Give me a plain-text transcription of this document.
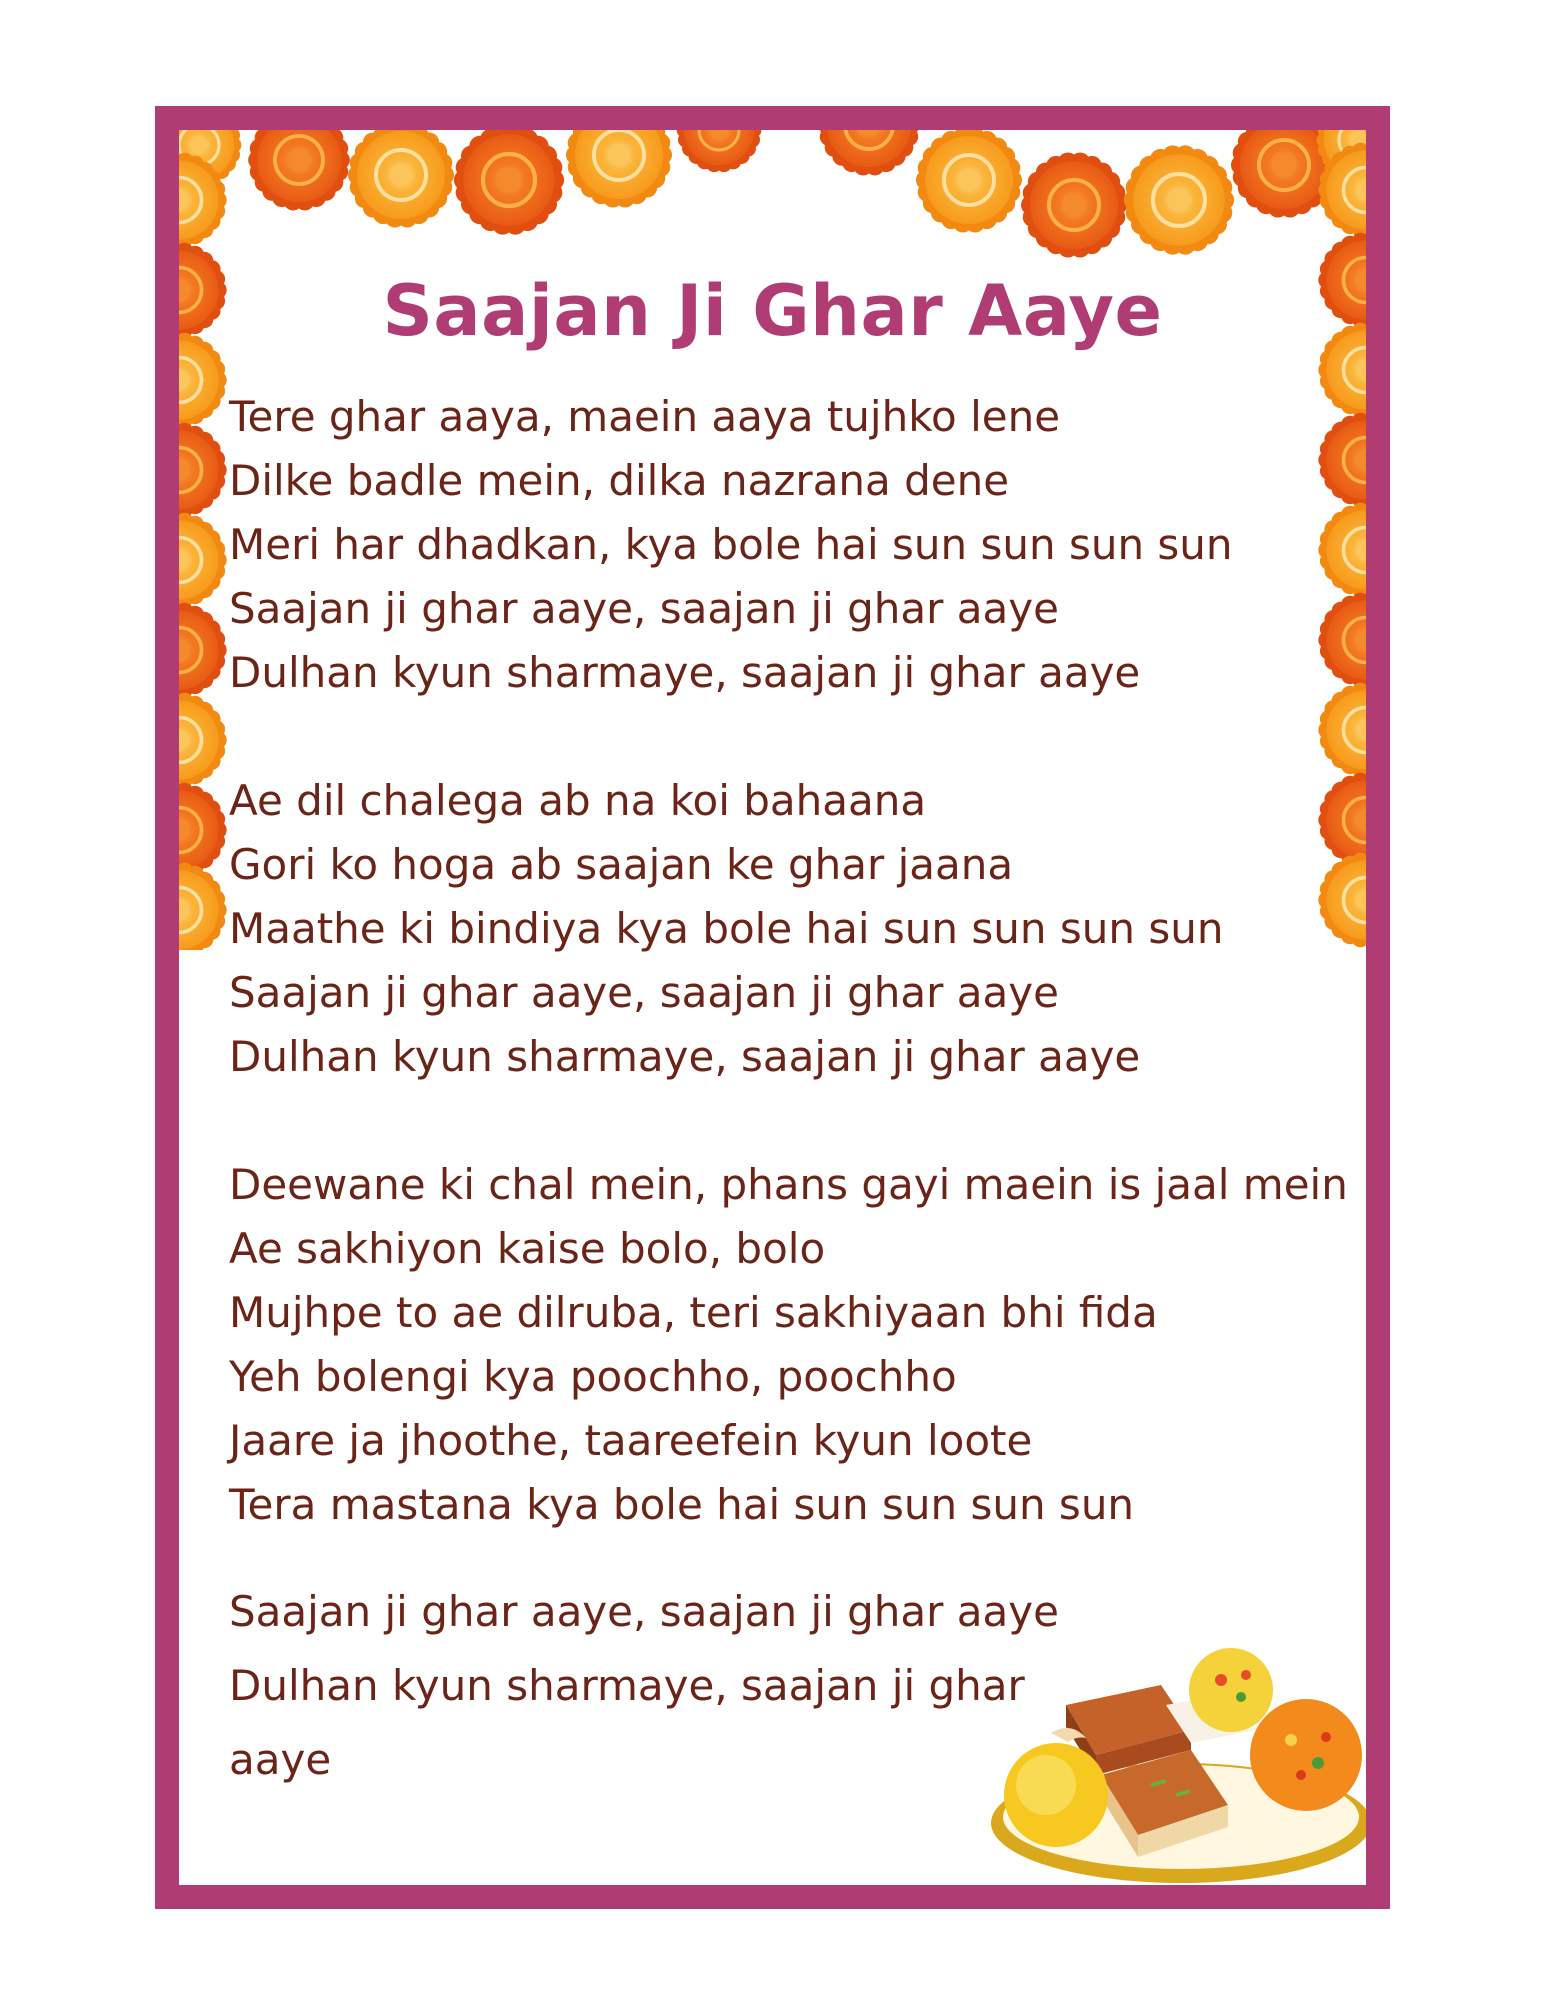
Saajan Ji Ghar Aaye
Tere ghar aaya, maein aaya tujhko lene
Dilke badle mein, dilka nazrana dene
Meri har dhadkan, kya bole hai sun sun sun sun
Saajan ji ghar aaye, saajan ji ghar aaye
Dulhan kyun sharmaye, saajan ji ghar aaye
Ae dil chalega ab na koi bahaana
Gori ko hoga ab saajan ke ghar jaana
Maathe ki bindiya kya bole hai sun sun sun sun
Saajan ji ghar aaye, saajan ji ghar aaye
Dulhan kyun sharmaye, saajan ji ghar aaye
Deewane ki chal mein, phans gayi maein is jaal mein
Ae sakhiyon kaise bolo, bolo
Mujhpe to ae dilruba, teri sakhiyaan bhi fida
Yeh bolengi kya poochho, poochho
Jaare ja jhoothe, taareefein kyun loote
Tera mastana kya bole hai sun sun sun sun
Saajan ji ghar aaye, saajan ji ghar aaye
Dulhan kyun sharmaye, saajan ji ghar
aaye
